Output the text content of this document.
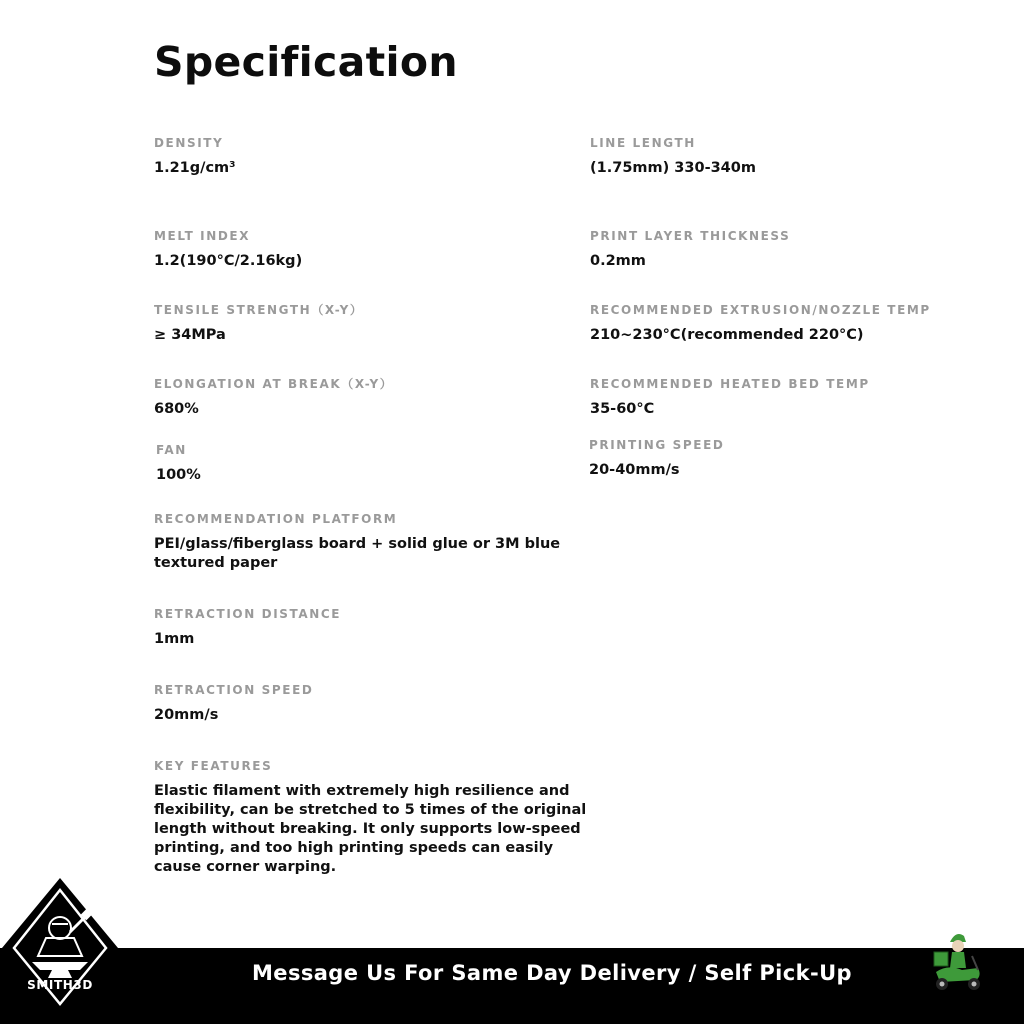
Specification
DENSITY
1.21g/cm³
MELT INDEX
1.2(190°C/2.16kg)
TENSILE STRENGTH（X-Y）
≥ 34MPa
ELONGATION AT BREAK（X-Y）
680%
FAN
100%
RECOMMENDATION PLATFORM
PEI/glass/fiberglass board + solid glue or 3M blue textured paper
RETRACTION DISTANCE
1mm
RETRACTION SPEED
20mm/s
KEY FEATURES
Elastic filament with extremely high resilience and flexibility, can be stretched to 5 times of the original length without breaking. It only supports low-speed printing, and too high printing speeds can easily cause corner warping.
LINE LENGTH
(1.75mm) 330-340m
PRINT LAYER THICKNESS
0.2mm
RECOMMENDED EXTRUSION/NOZZLE TEMP
210~230°C(recommended 220°C)
RECOMMENDED HEATED BED TEMP
35-60°C
PRINTING SPEED
20-40mm/s
Message Us For Same Day Delivery / Self Pick-Up
SMITH3D
